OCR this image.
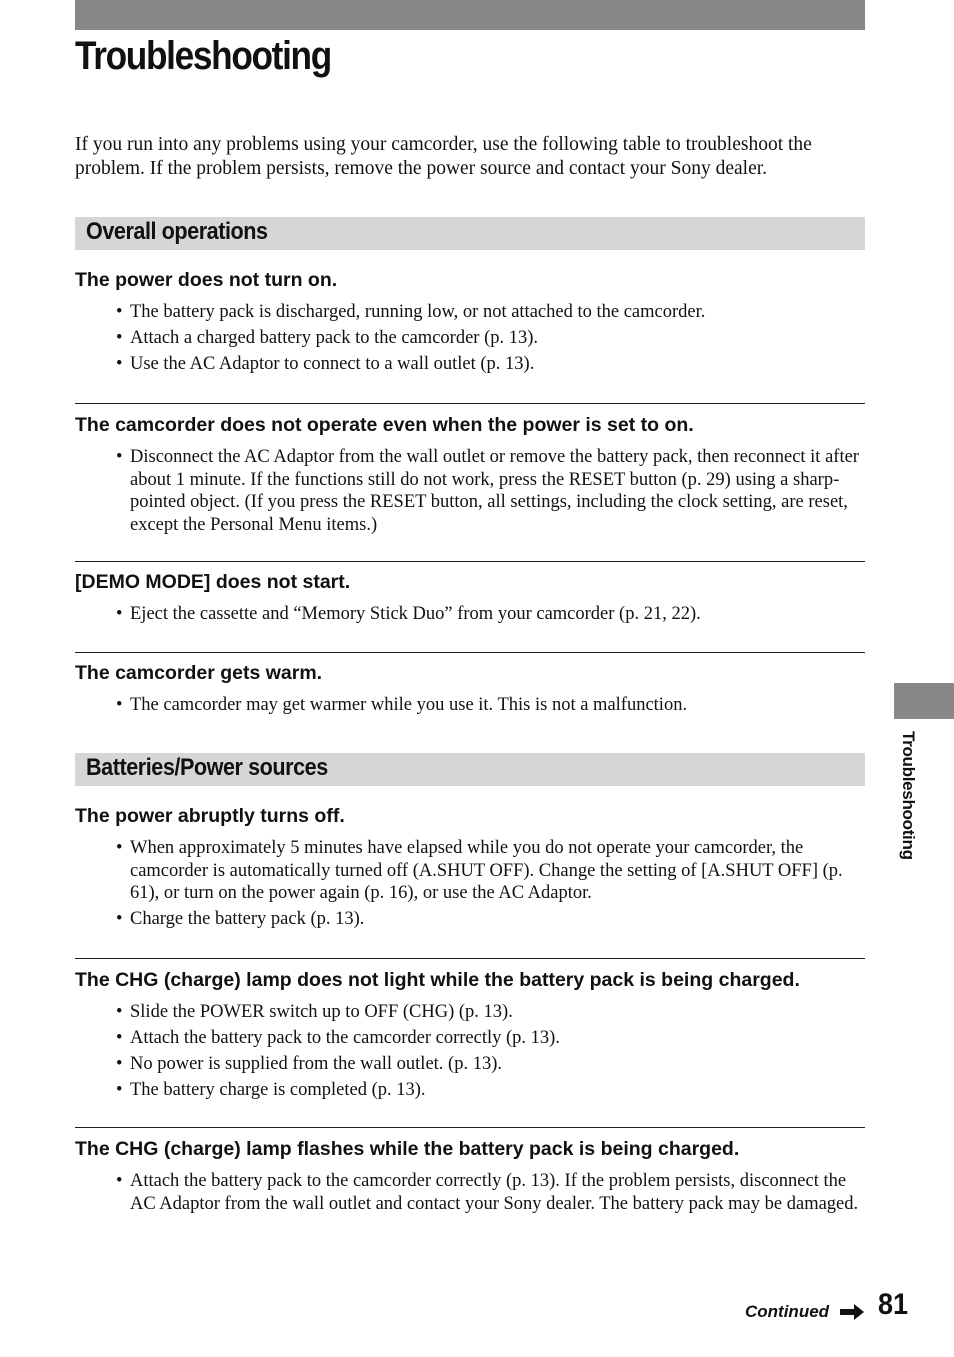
Troubleshooting

If you run into any problems using your camcorder, use the following table to troubleshoot the problem. If the problem persists, remove the power source and contact your Sony dealer.

Overall operations
The power does not turn on.
• The battery pack is discharged, running low, or not attached to the camcorder.
• Attach a charged battery pack to the camcorder (p. 13).
• Use the AC Adaptor to connect to a wall outlet (p. 13).
The camcorder does not operate even when the power is set to on.
• Disconnect the AC Adaptor from the wall outlet or remove the battery pack, then reconnect it after about 1 minute. If the functions still do not work, press the RESET button (p. 29) using a sharp-pointed object. (If you press the RESET button, all settings, including the clock setting, are reset, except the Personal Menu items.)
[DEMO MODE] does not start.
• Eject the cassette and “Memory Stick Duo” from your camcorder (p. 21, 22).
The camcorder gets warm.
• The camcorder may get warmer while you use it. This is not a malfunction.
Batteries/Power sources
The power abruptly turns off.
• When approximately 5 minutes have elapsed while you do not operate your camcorder, the camcorder is automatically turned off (A.SHUT OFF). Change the setting of [A.SHUT OFF] (p. 61), or turn on the power again (p. 16), or use the AC Adaptor.
• Charge the battery pack (p. 13).
The CHG (charge) lamp does not light while the battery pack is being charged.
• Slide the POWER switch up to OFF (CHG) (p. 13).
• Attach the battery pack to the camcorder correctly (p. 13).
• No power is supplied from the wall outlet. (p. 13).
• The battery charge is completed (p. 13).
The CHG (charge) lamp flashes while the battery pack is being charged.
• Attach the battery pack to the camcorder correctly (p. 13). If the problem persists, disconnect the AC Adaptor from the wall outlet and contact your Sony dealer. The battery pack may be damaged.
Troubleshooting
Continued 81
